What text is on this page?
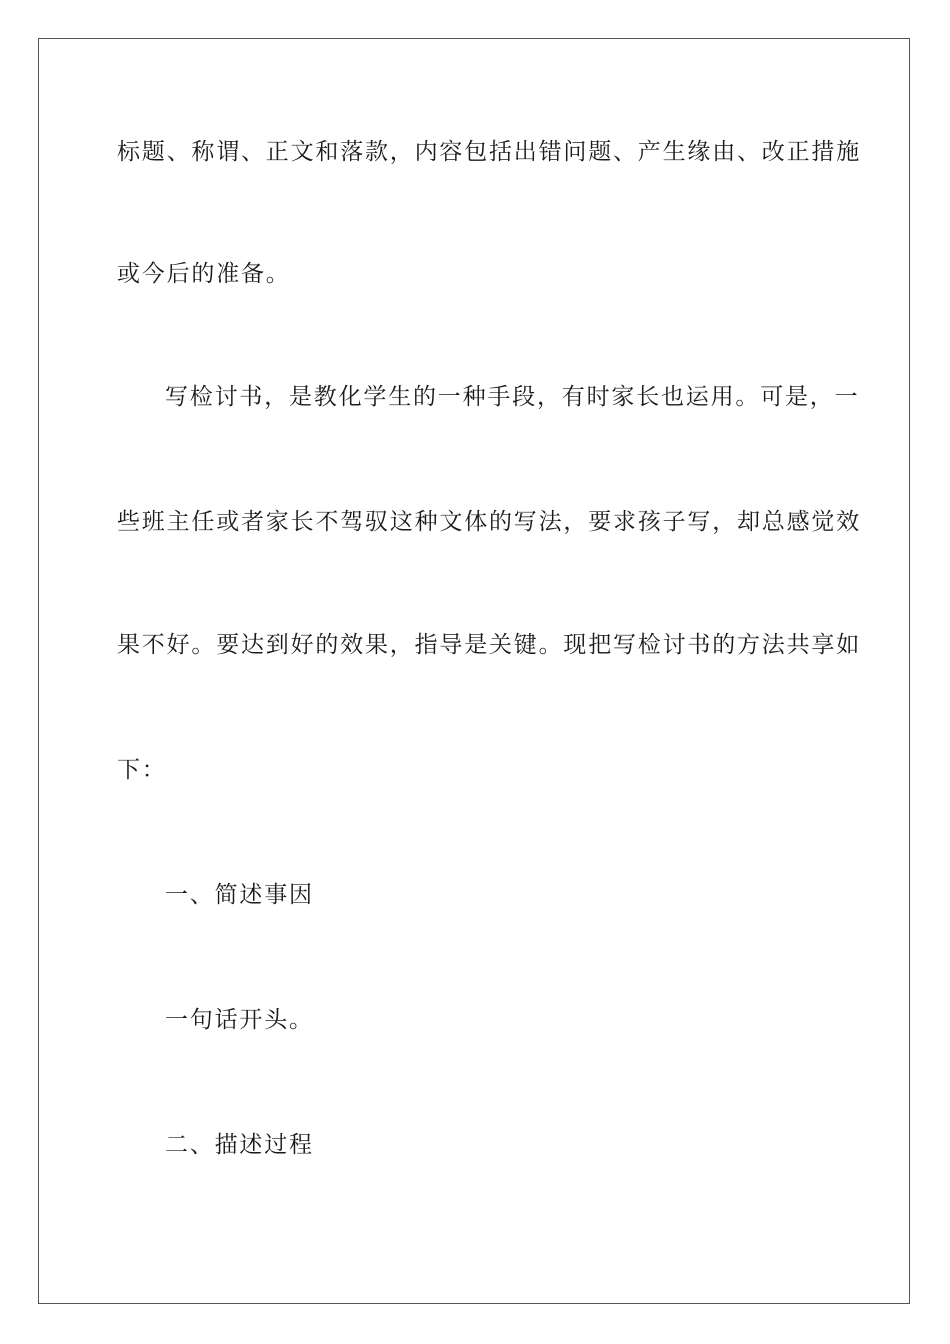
标题、称谓、正文和落款，内容包括出错问题、产生缘由、改正措施
或今后的准备。
写检讨书，是教化学生的一种手段，有时家长也运用。可是，一
些班主任或者家长不驾驭这种文体的写法，要求孩子写，却总感觉效
果不好。要达到好的效果，指导是关键。现把写检讨书的方法共享如
下：
一、简述事因
一句话开头。
二、描述过程
